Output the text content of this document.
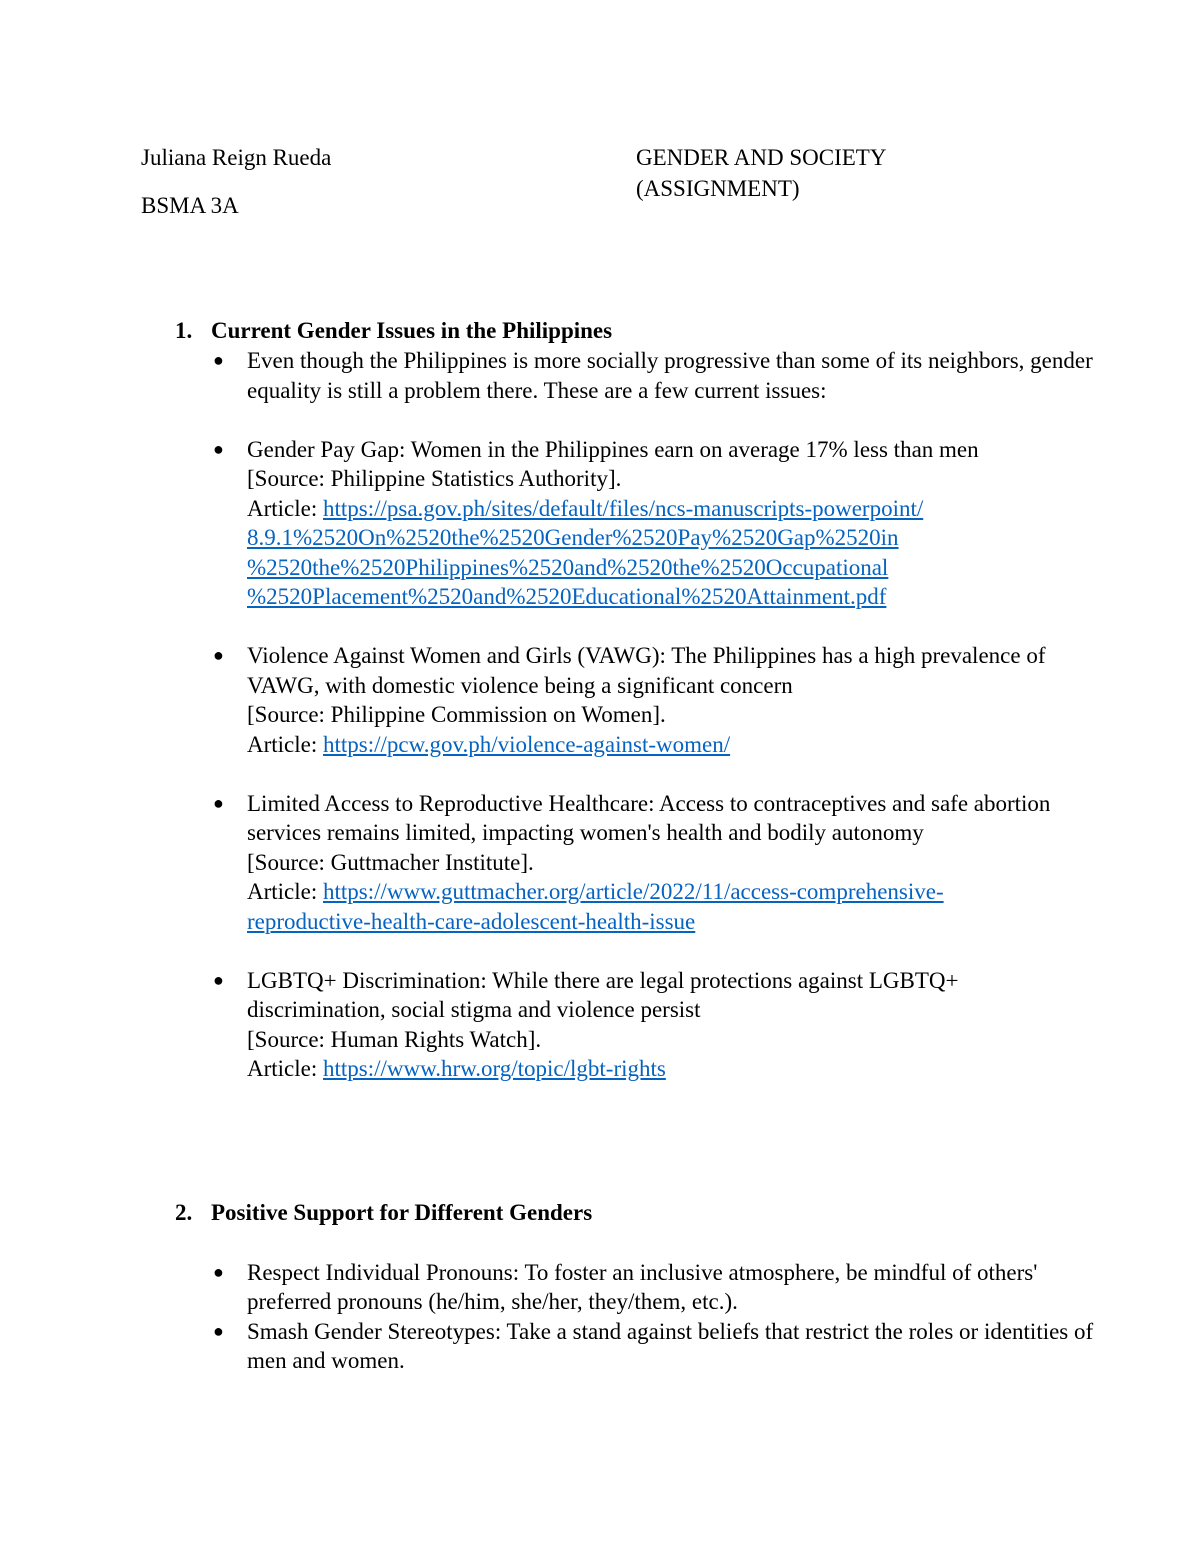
Juliana Reign Rueda
BSMA 3A
GENDER AND SOCIETY
(ASSIGNMENT)
1. Current Gender Issues in the Philippines
● Even though the Philippines is more socially progressive than some of its neighbors, gender equality is still a problem there. These are a few current issues:
● Gender Pay Gap: Women in the Philippines earn on average 17% less than men
[Source: Philippine Statistics Authority].
Article: https://psa.gov.ph/sites/default/files/ncs-manuscripts-powerpoint/
8.9.1%2520On%2520the%2520Gender%2520Pay%2520Gap%2520in
%2520the%2520Philippines%2520and%2520the%2520Occupational
%2520Placement%2520and%2520Educational%2520Attainment.pdf
● Violence Against Women and Girls (VAWG): The Philippines has a high prevalence of VAWG, with domestic violence being a significant concern
[Source: Philippine Commission on Women].
Article: https://pcw.gov.ph/violence-against-women/
● Limited Access to Reproductive Healthcare: Access to contraceptives and safe abortion services remains limited, impacting women's health and bodily autonomy
[Source: Guttmacher Institute].
Article: https://www.guttmacher.org/article/2022/11/access-comprehensive-
reproductive-health-care-adolescent-health-issue
● LGBTQ+ Discrimination: While there are legal protections against LGBTQ+ discrimination, social stigma and violence persist
[Source: Human Rights Watch].
Article: https://www.hrw.org/topic/lgbt-rights
2. Positive Support for Different Genders
● Respect Individual Pronouns: To foster an inclusive atmosphere, be mindful of others' preferred pronouns (he/him, she/her, they/them, etc.).
● Smash Gender Stereotypes: Take a stand against beliefs that restrict the roles or identities of men and women.
